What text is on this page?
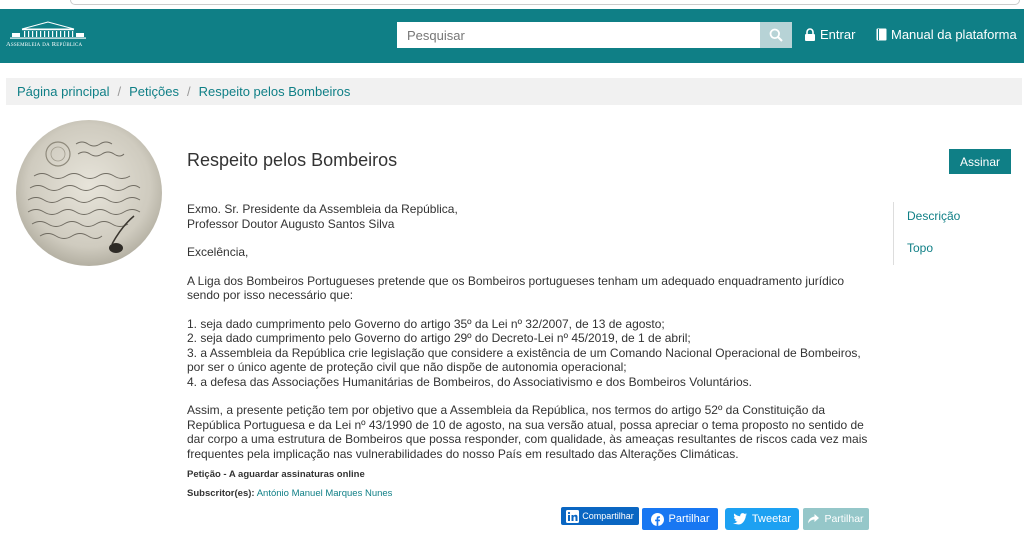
Assembleia da República
Pesquisar
Entrar	Manual da plataforma
Página principal / Petições / Respeito pelos Bombeiros
Respeito pelos Bombeiros	Assinar
Descrição
Topo

Exmo. Sr. Presidente da Assembleia da República,

Professor Doutor Augusto Santos Silva

Excelência,

A Liga dos Bombeiros Portugueses pretende que os Bombeiros portugueses tenham um adequado enquadramento jurídico sendo por isso necessário que:

1. seja dado cumprimento pelo Governo do artigo 35º da Lei nº 32/2007, de 13 de agosto;

2. seja dado cumprimento pelo Governo do artigo 29º do Decreto-Lei nº 45/2019, de 1 de abril;

3. a Assembleia da República crie legislação que considere a existência de um Comando Nacional Operacional de Bombeiros, por ser o único agente de proteção civil que não dispõe de autonomia operacional;

4. a defesa das Associações Humanitárias de Bombeiros, do Associativismo e dos Bombeiros Voluntários.

Assim, a presente petição tem por objetivo que a Assembleia da República, nos termos do artigo 52º da Constituição da República Portuguesa e da Lei nº 43/1990 de 10 de agosto, na sua versão atual, possa apreciar o tema proposto no sentido de dar corpo a uma estrutura de Bombeiros que possa responder, com qualidade, às ameaças resultantes de riscos cada vez mais frequentes pela implicação nas vulnerabilidades do nosso País em resultado das Alterações Climáticas.

Petição - A aguardar assinaturas online
Subscritor(es): António Manuel Marques Nunes
Compartilhar	Partilhar	Tweetar	Partilhar
